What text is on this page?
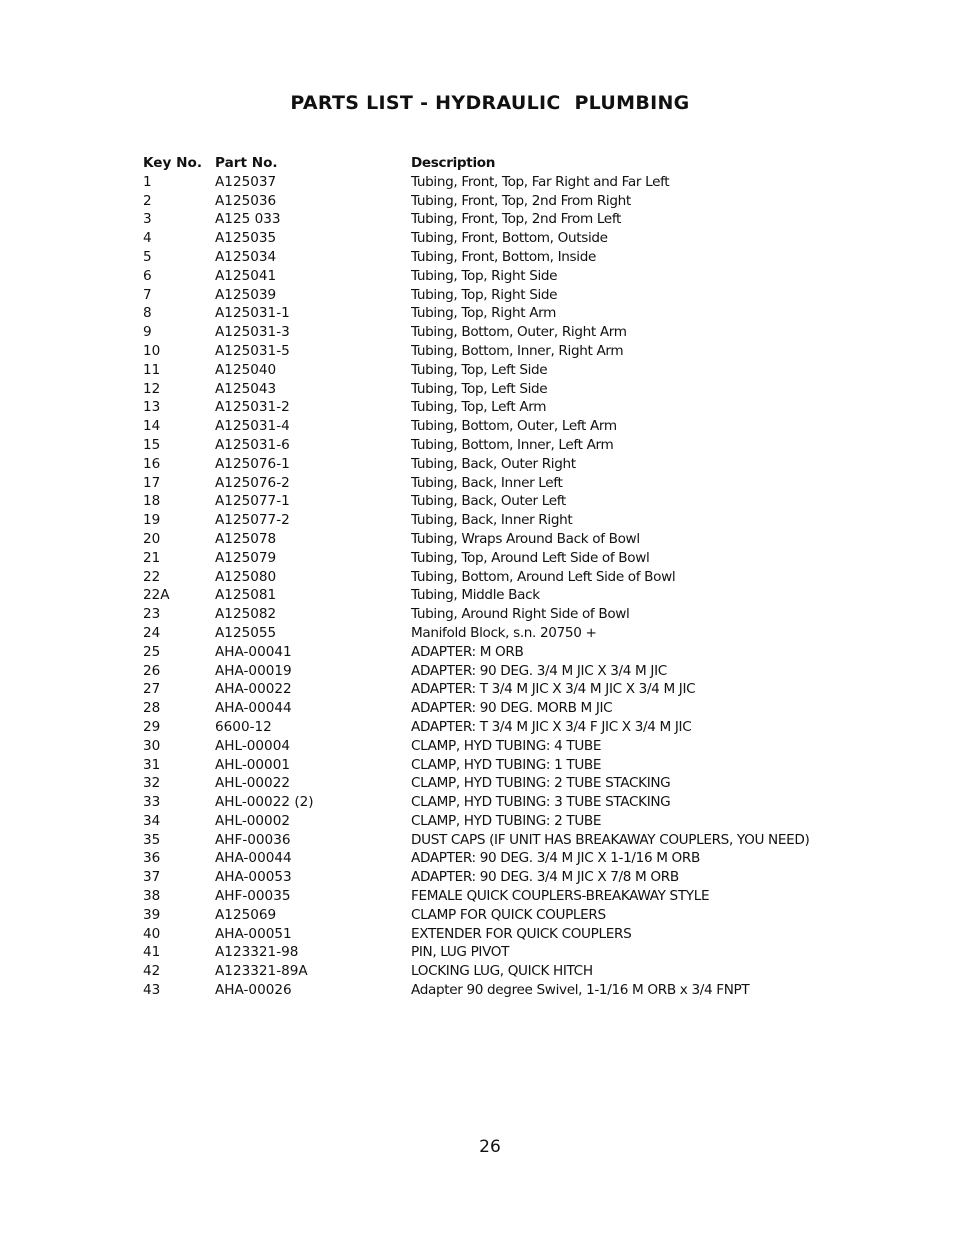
PARTS LIST - HYDRAULIC  PLUMBING
Key No. Part No.	Description
1	A125037	Tubing, Front, Top, Far Right and Far Left
2	A125036	Tubing, Front, Top, 2nd From Right
3	A125 033	Tubing, Front, Top, 2nd From Left
4	A125035	Tubing, Front, Bottom, Outside
5	A125034	Tubing, Front, Bottom, Inside
6	A125041	Tubing, Top, Right Side
7	A125039	Tubing, Top, Right Side
8	A125031-1	Tubing, Top, Right Arm
9	A125031-3	Tubing, Bottom, Outer, Right Arm
10	A125031-5	Tubing, Bottom, Inner, Right Arm
11	A125040	Tubing, Top, Left Side
12	A125043	Tubing, Top, Left Side
13	A125031-2	Tubing, Top, Left Arm
14	A125031-4	Tubing, Bottom, Outer, Left Arm
15	A125031-6	Tubing, Bottom, Inner, Left Arm
16	A125076-1	Tubing, Back, Outer Right
17	A125076-2	Tubing, Back, Inner Left
18	A125077-1	Tubing, Back, Outer Left
19	A125077-2	Tubing, Back, Inner Right
20	A125078	Tubing, Wraps Around Back of Bowl
21	A125079	Tubing, Top, Around Left Side of Bowl
22	A125080	Tubing, Bottom, Around Left Side of Bowl
22A	A125081	Tubing, Middle Back
23	A125082	Tubing, Around Right Side of Bowl
24	A125055	Manifold Block, s.n. 20750 +
25	AHA-00041	ADAPTER: M ORB
26	AHA-00019	ADAPTER: 90 DEG. 3/4 M JIC X 3/4 M JIC
27	AHA-00022	ADAPTER: T 3/4 M JIC X 3/4 M JIC X 3/4 M JIC
28	AHA-00044	ADAPTER: 90 DEG. MORB M JIC
29	6600-12	ADAPTER: T 3/4 M JIC X 3/4 F JIC X 3/4 M JIC
30	AHL-00004	CLAMP, HYD TUBING: 4 TUBE
31	AHL-00001	CLAMP, HYD TUBING: 1 TUBE
32	AHL-00022	CLAMP, HYD TUBING: 2 TUBE STACKING
33	AHL-00022 (2)	CLAMP, HYD TUBING: 3 TUBE STACKING
34	AHL-00002	CLAMP, HYD TUBING: 2 TUBE
35	AHF-00036	DUST CAPS (IF UNIT HAS BREAKAWAY COUPLERS, YOU NEED)
36	AHA-00044	ADAPTER: 90 DEG. 3/4 M JIC X 1-1/16 M ORB
37	AHA-00053	ADAPTER: 90 DEG. 3/4 M JIC X 7/8 M ORB
38	AHF-00035	FEMALE QUICK COUPLERS-BREAKAWAY STYLE
39	A125069	CLAMP FOR QUICK COUPLERS
40	AHA-00051	EXTENDER FOR QUICK COUPLERS
41	A123321-98	PIN, LUG PIVOT
42	A123321-89A	LOCKING LUG, QUICK HITCH
43	AHA-00026	Adapter 90 degree Swivel, 1-1/16 M ORB x 3/4 FNPT
26
